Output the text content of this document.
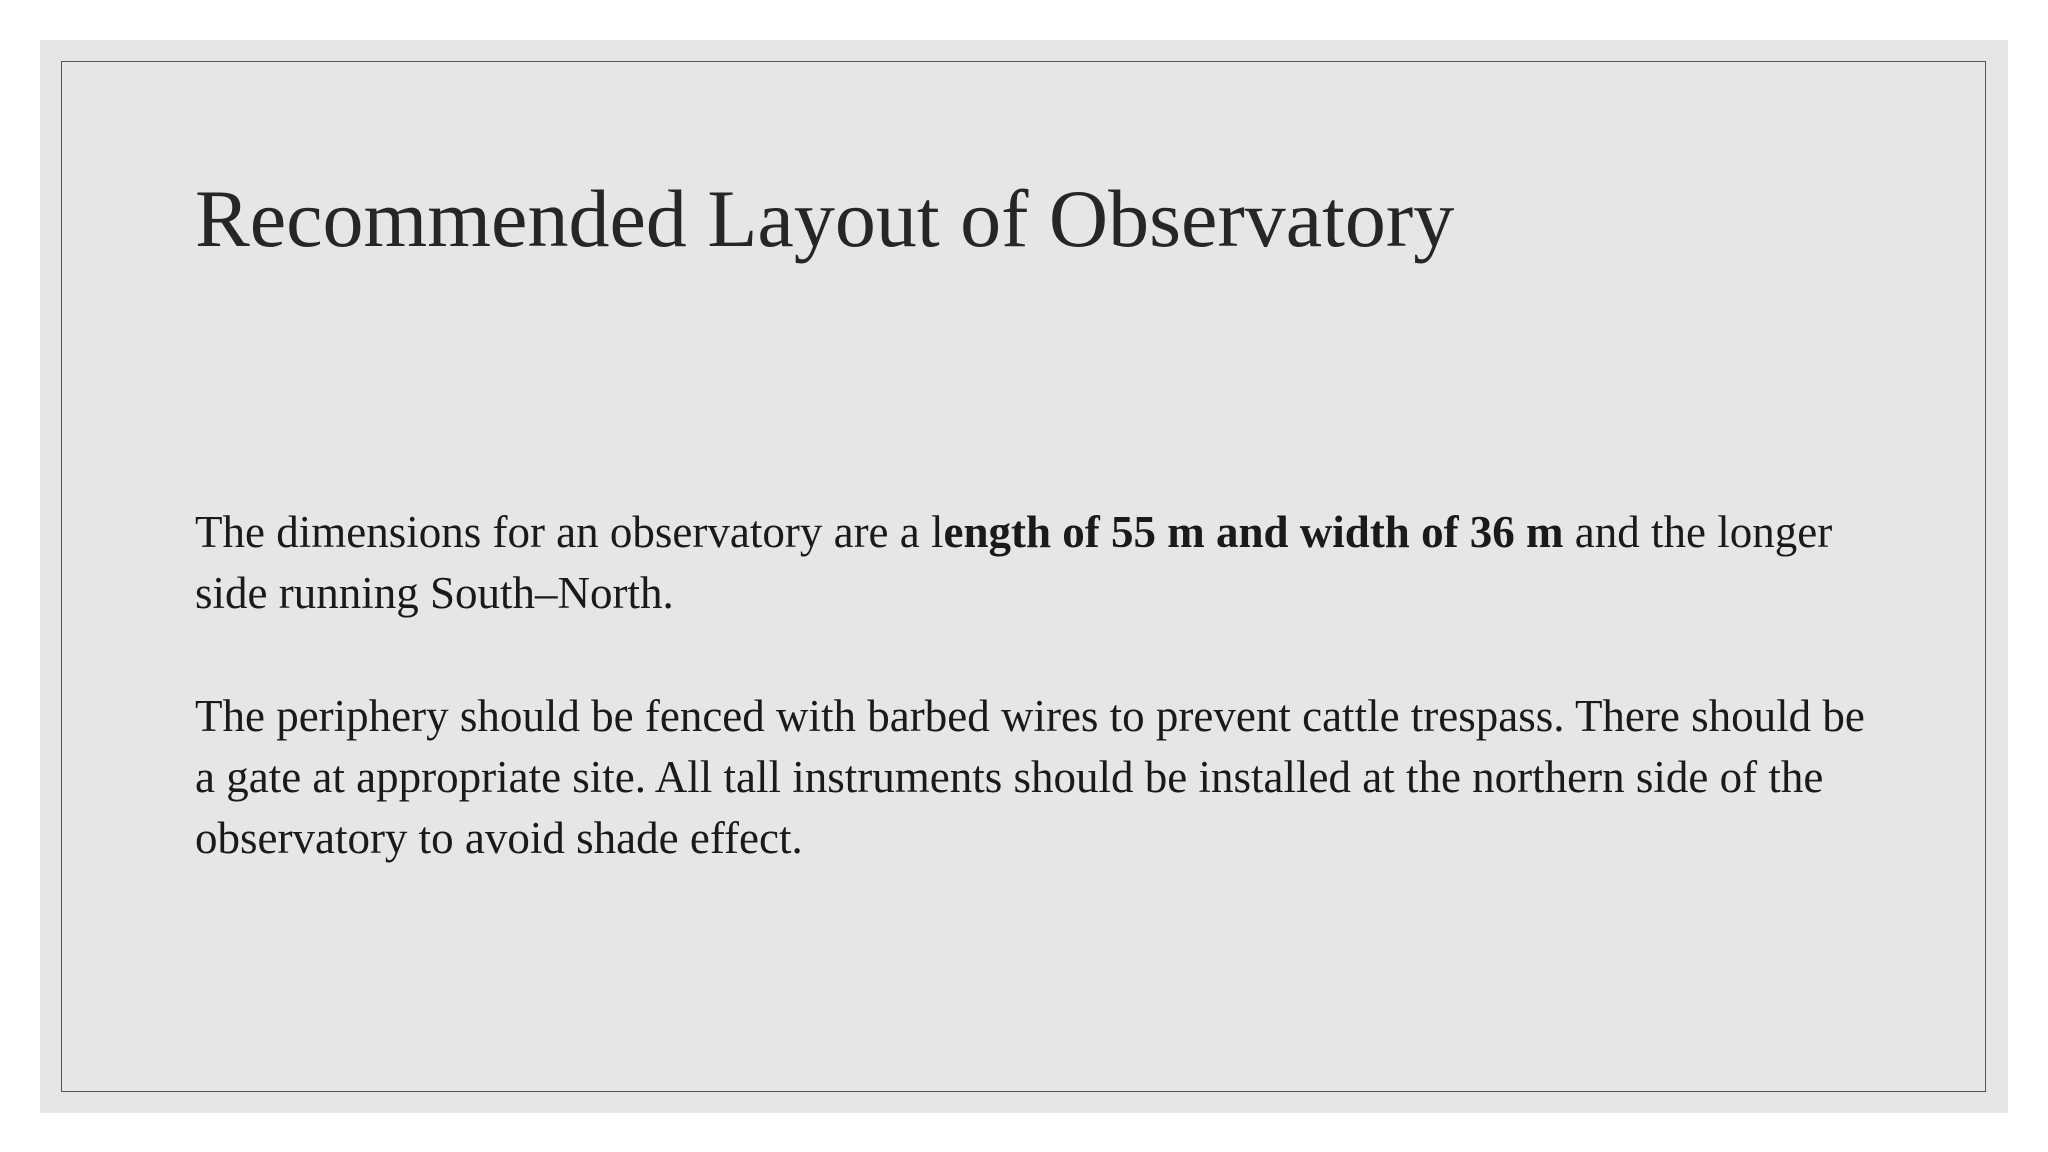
Recommended Layout of Observatory

The dimensions for an observatory are a length of 55 m and width of 36 m and the longer side running South–North.

The periphery should be fenced with barbed wires to prevent cattle trespass. There should be a gate at appropriate site. All tall instruments should be installed at the northern side of the observatory to avoid shade effect.
